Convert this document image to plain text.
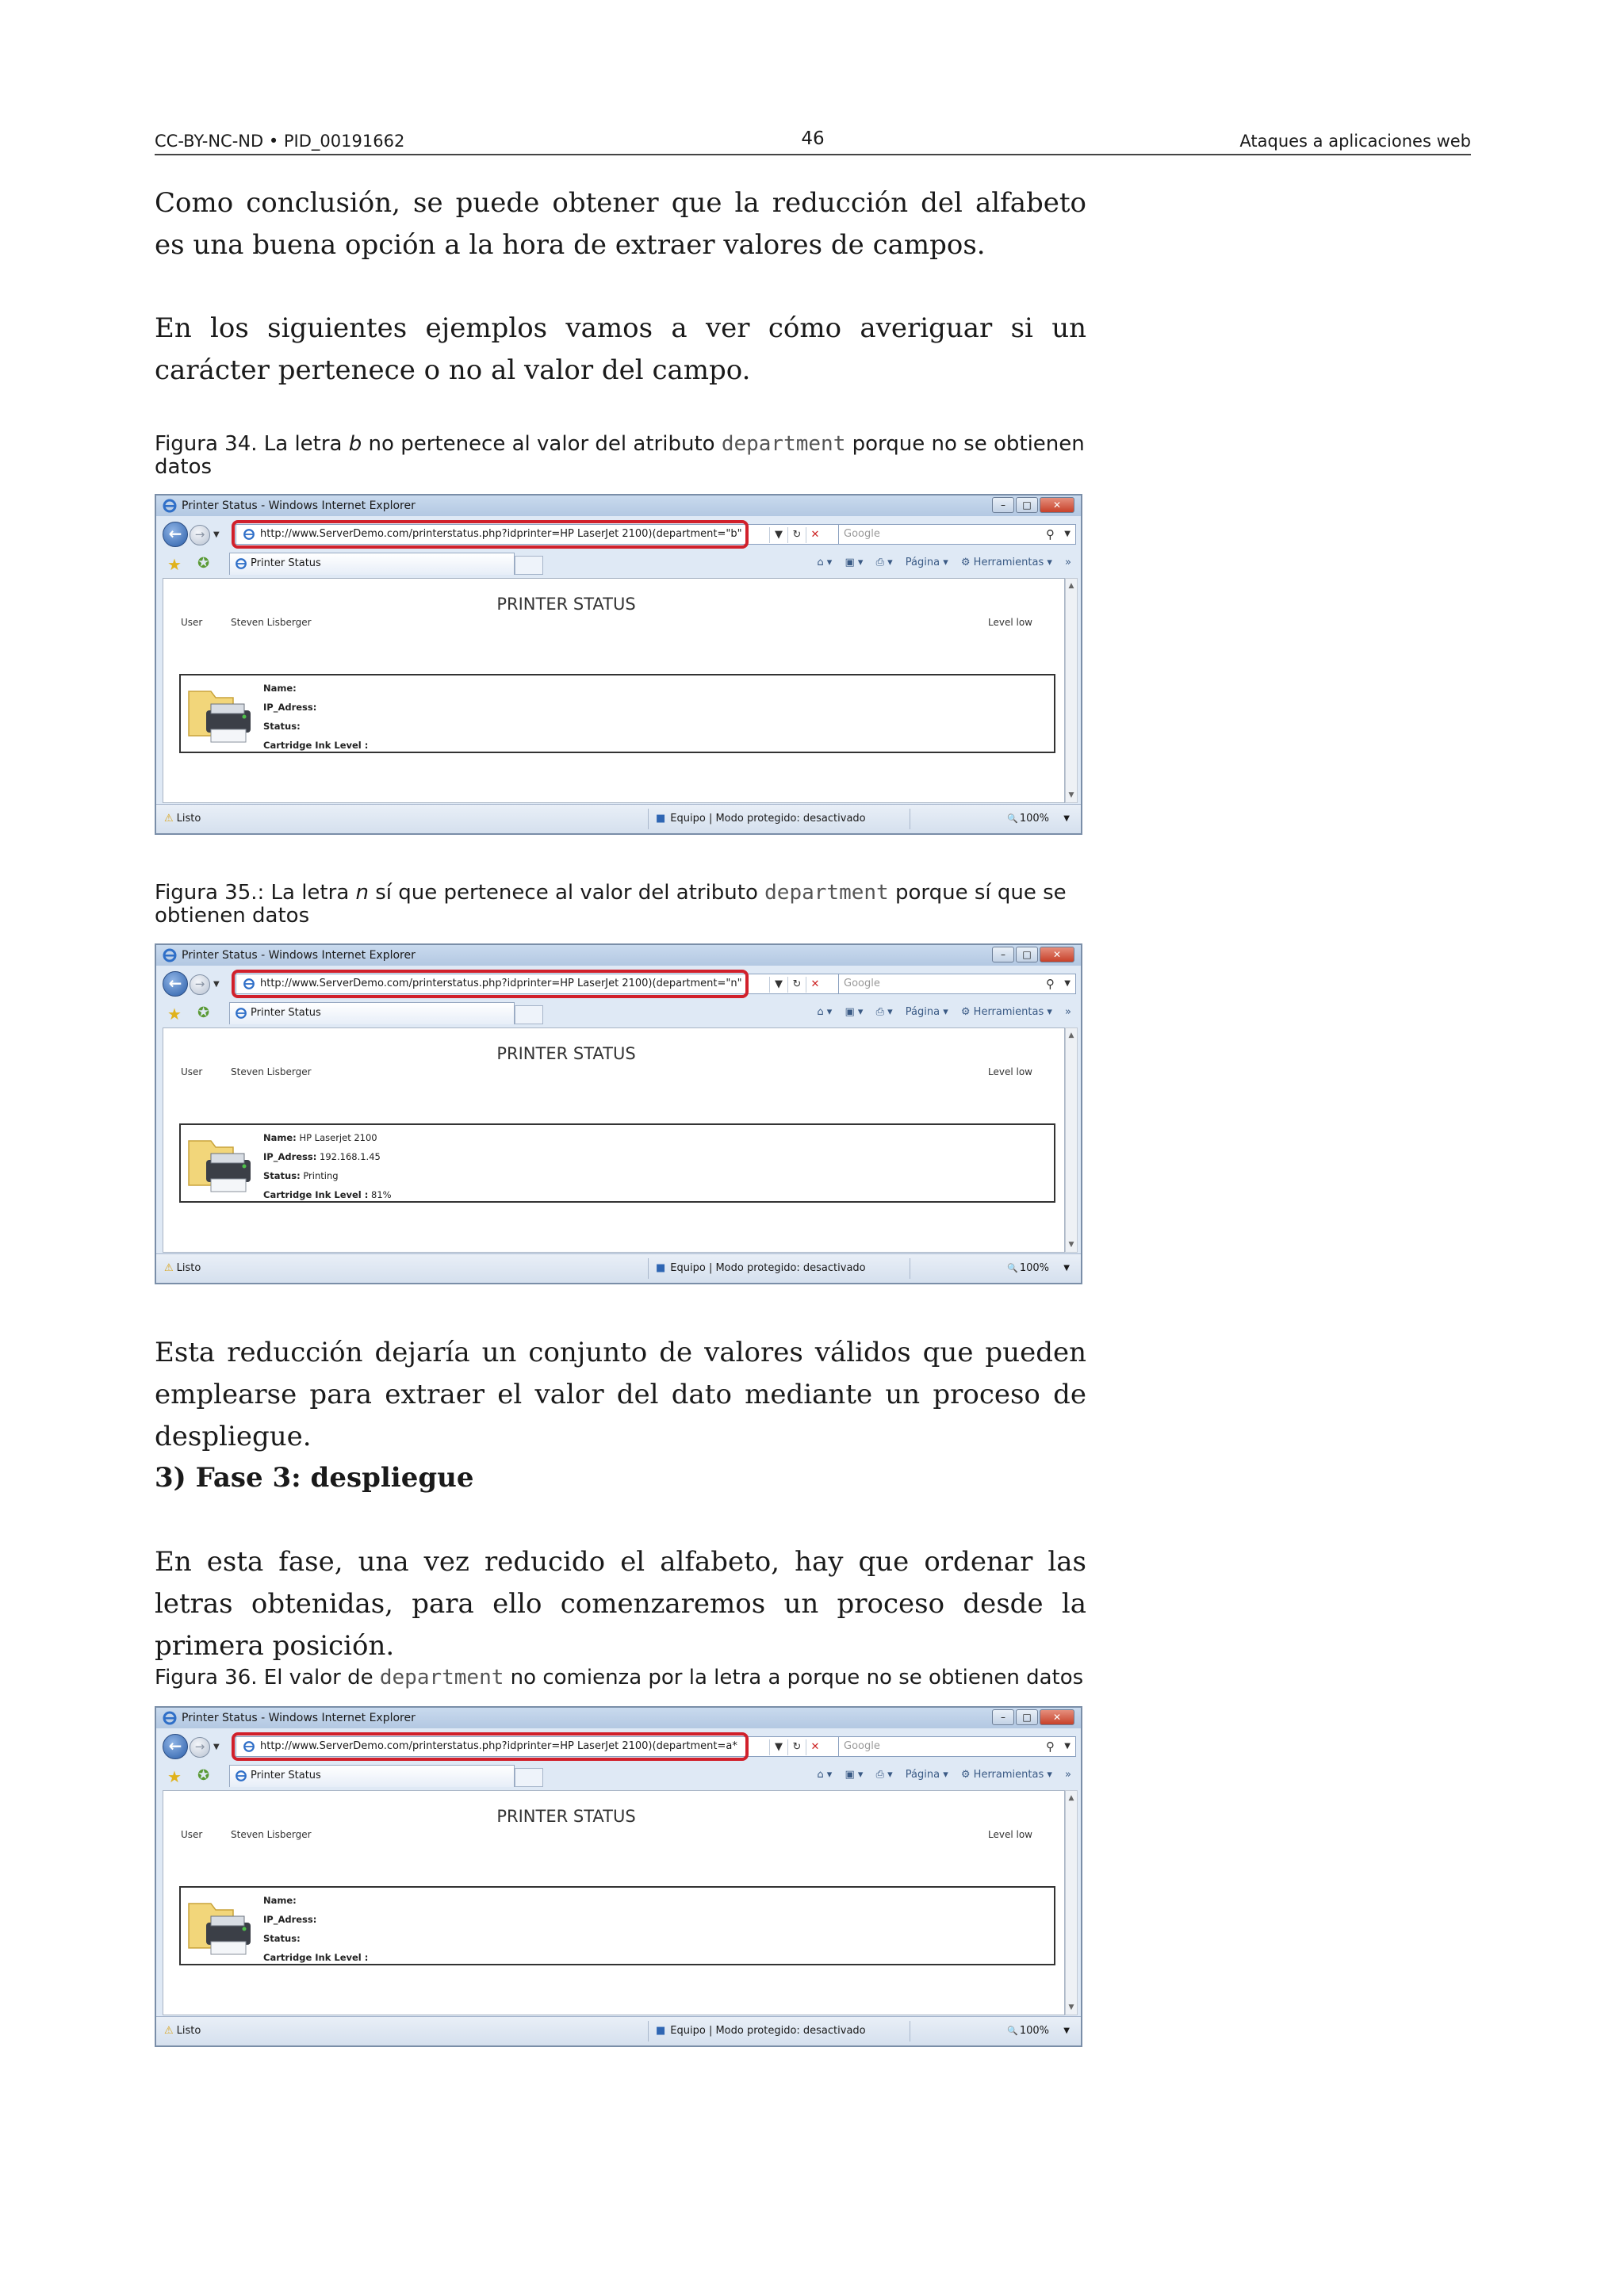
CC-BY-NC-ND • PID_00191662	46	Ataques a aplicaciones web

Como conclusión, se puede obtener que la reducción del alfabeto es una buena opción a la hora de extraer valores de campos.

En los siguientes ejemplos vamos a ver cómo averiguar si un carácter pertenece o no al valor del campo.

Figura 34. La letra b no pertenece al valor del atributo department porque no se obtienen datos

Printer Status - Windows Internet Explorer	–	□	✕
←	→	▼	http://www.ServerDemo.com/printerstatus.php?idprinter=HP LaserJet 2100)(department="b"	▼ ↻ ✕	Google	⚲ ▼
★ ✪	Printer Status	⌂ ▾ ▣ ▾ ⎙ ▾ Página ▾ ⚙ Herramientas ▾ »
PRINTER STATUS
User	Steven Lisberger	Level low
Name:
IP_Adress:
Status:
Cartridge Ink Level :
▲
▼
⚠ Listo	■ Equipo | Modo protegido: desactivado	🔍 100% ▼

Figura 35.: La letra n sí que pertenece al valor del atributo department porque sí que se obtienen datos

Printer Status - Windows Internet Explorer	–	□	✕
←	→	▼	http://www.ServerDemo.com/printerstatus.php?idprinter=HP LaserJet 2100)(department="n"	▼ ↻ ✕	Google	⚲ ▼
★ ✪	Printer Status	⌂ ▾ ▣ ▾ ⎙ ▾ Página ▾ ⚙ Herramientas ▾ »
PRINTER STATUS
User	Steven Lisberger	Level low
Name: HP Laserjet 2100
IP_Adress: 192.168.1.45
Status: Printing
Cartridge Ink Level : 81%
▲
▼
⚠ Listo	■ Equipo | Modo protegido: desactivado	🔍 100% ▼

Esta reducción dejaría un conjunto de valores válidos que pueden emplearse para extraer el valor del dato mediante un proceso de despliegue.

3) Fase 3: despliegue

En esta fase, una vez reducido el alfabeto, hay que ordenar las letras obtenidas, para ello comenzaremos un proceso desde la primera posición.

Figura 36. El valor de department no comienza por la letra a porque no se obtienen datos

Printer Status - Windows Internet Explorer	–	□	✕
←	→	▼	http://www.ServerDemo.com/printerstatus.php?idprinter=HP LaserJet 2100)(department=a*	▼ ↻ ✕	Google	⚲ ▼
★ ✪	Printer Status	⌂ ▾ ▣ ▾ ⎙ ▾ Página ▾ ⚙ Herramientas ▾ »
PRINTER STATUS
User	Steven Lisberger	Level low
Name:
IP_Adress:
Status:
Cartridge Ink Level :
▲
▼
⚠ Listo	■ Equipo | Modo protegido: desactivado	🔍 100% ▼
